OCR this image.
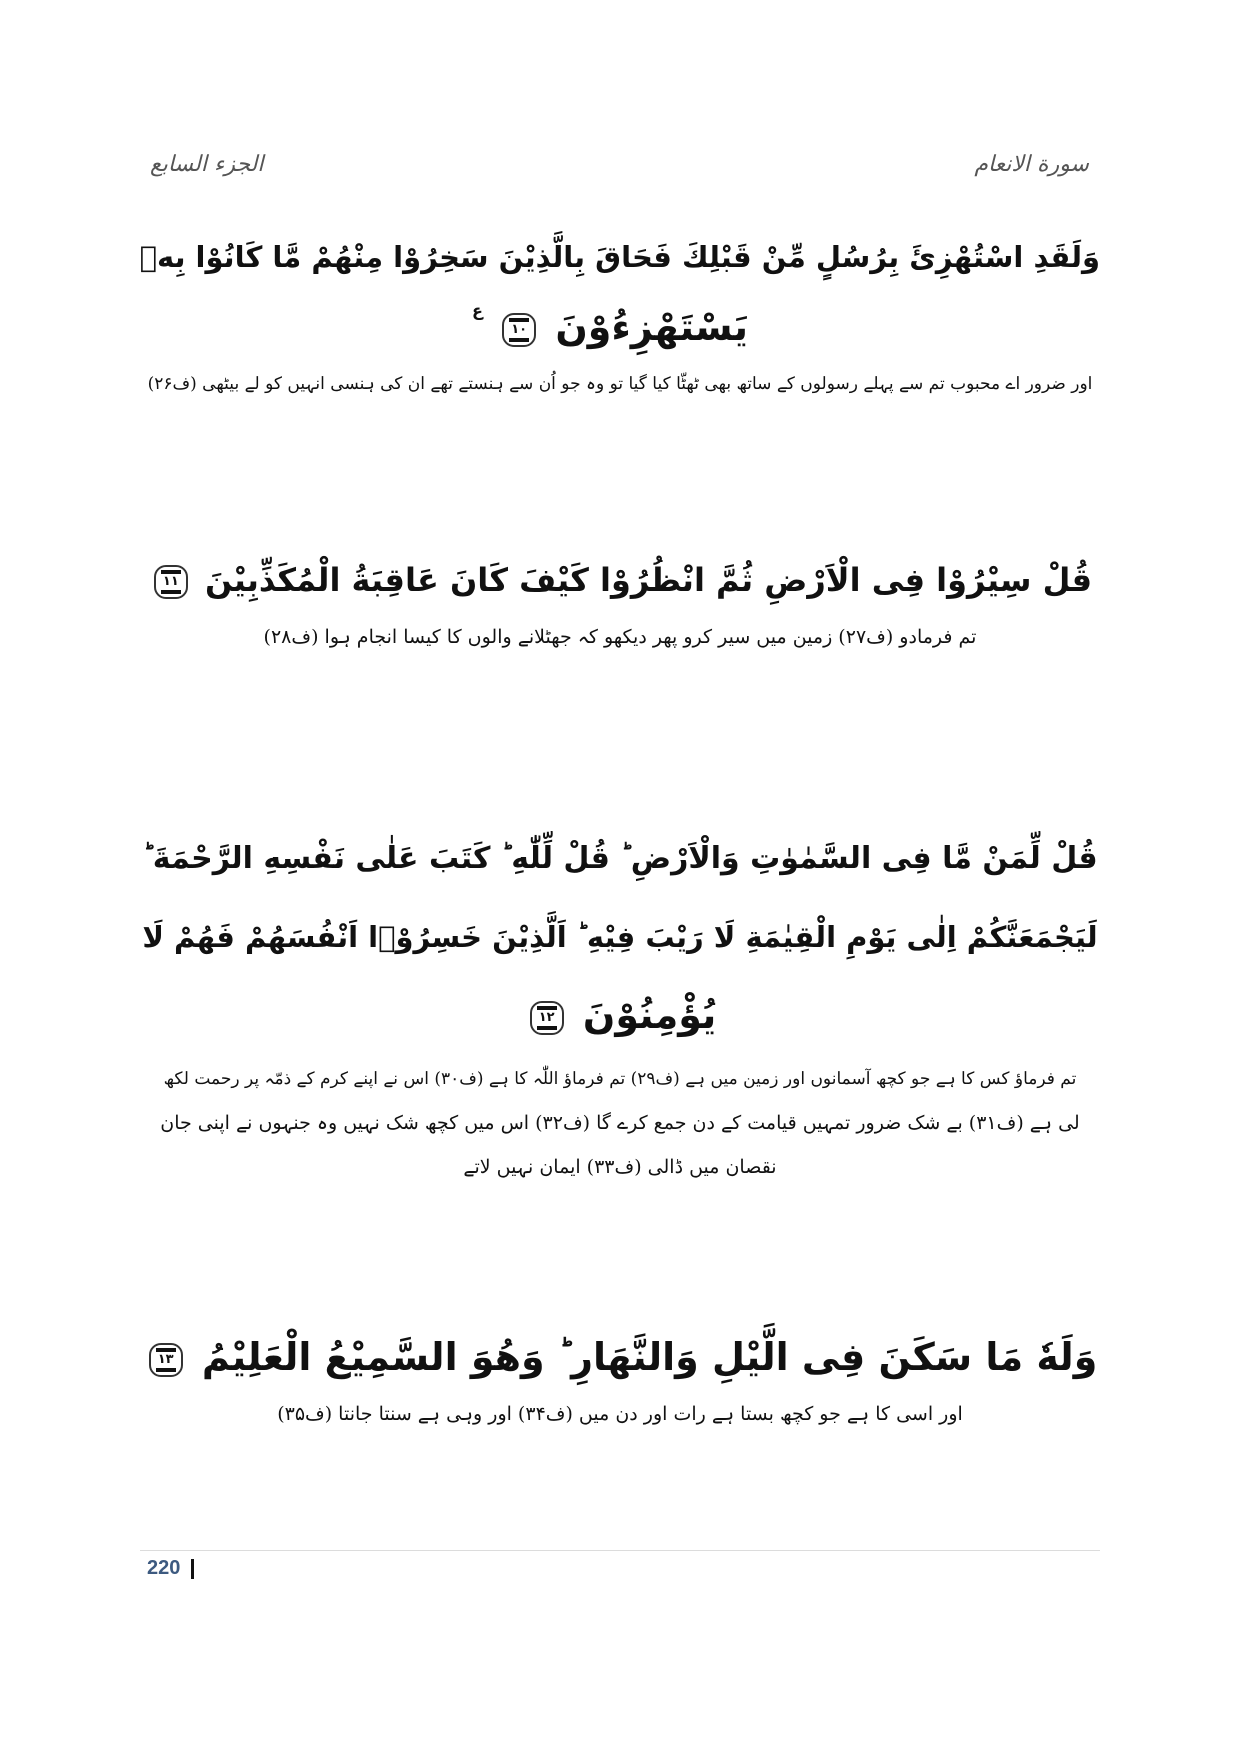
الجزء السابع	سورة الانعام
وَلَقَدِ اسْتُهْزِئَ بِرُسُلٍ مِّنْ قَبْلِكَ فَحَاقَ بِالَّذِيْنَ سَخِرُوْا مِنْهُمْ مَّا كَانُوْا بِهٖ
يَسْتَهْزِءُوْنَ ١٠ ع
اور ضرور اے محبوب تم سے پہلے رسولوں کے ساتھ بھی ٹھٹّا کیا گیا تو وہ جو اُن سے ہنستے تھے ان کی ہنسی انہیں کو لے بیٹھی (ف۲۶)
قُلْ سِيْرُوْا فِى الْاَرْضِ ثُمَّ انْظُرُوْا كَيْفَ كَانَ عَاقِبَةُ الْمُكَذِّبِيْنَ ١١
تم فرمادو (ف۲۷) زمین میں سیر کرو پھر دیکھو کہ جھٹلانے والوں کا کیسا انجام ہوا (ف۲۸)
قُلْ لِّمَنْ مَّا فِى السَّمٰوٰتِ وَالْاَرْضِ ؕ قُلْ لِّلّٰهِ ؕ كَتَبَ عَلٰى نَفْسِهِ الرَّحْمَةَ ؕ
لَيَجْمَعَنَّكُمْ اِلٰى يَوْمِ الْقِيٰمَةِ لَا رَيْبَ فِيْهِ ؕ اَلَّذِيْنَ خَسِرُوْۤا اَنْفُسَهُمْ فَهُمْ لَا
يُؤْمِنُوْنَ ١٢
تم فرماؤ کس کا ہے جو کچھ آسمانوں اور زمین میں ہے (ف۲۹) تم فرماؤ اللّٰہ کا ہے (ف۳۰) اس نے اپنے کرم کے ذمّہ پر رحمت لکھ
لی ہے (ف۳۱) بے شک ضرور تمہیں قیامت کے دن جمع کرے گا (ف۳۲) اس میں کچھ شک نہیں وہ جنہوں نے اپنی جان
نقصان میں ڈالی (ف۳۳) ایمان نہیں لاتے
وَلَهٗ مَا سَكَنَ فِى الَّيْلِ وَالنَّهَارِ ؕ وَهُوَ السَّمِيْعُ الْعَلِيْمُ ١٣
اور اسی کا ہے جو کچھ بستا ہے رات اور دن میں (ف۳۴) اور وہی ہے سنتا جانتا (ف۳۵)
220
